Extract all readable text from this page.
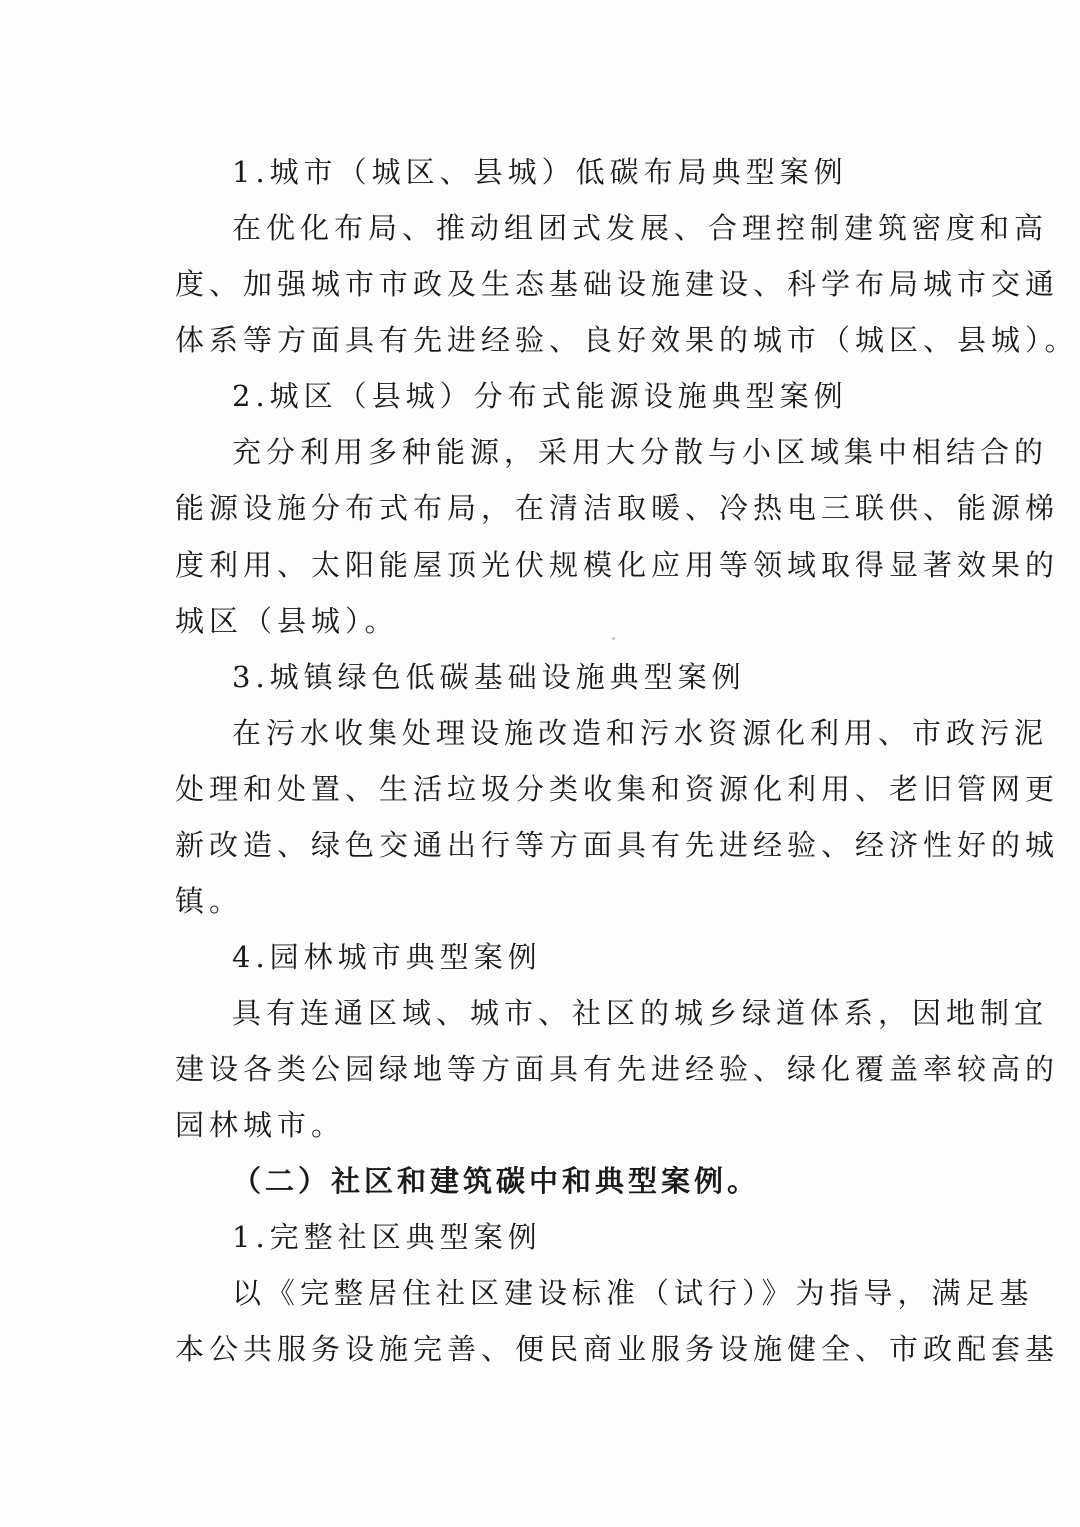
1.城市（城区、县城）低碳布局典型案例
在优化布局、推动组团式发展、合理控制建筑密度和高
度、加强城市市政及生态基础设施建设、科学布局城市交通
体系等方面具有先进经验、良好效果的城市（城区、县城）。
2.城区（县城）分布式能源设施典型案例
充分利用多种能源，采用大分散与小区域集中相结合的
能源设施分布式布局，在清洁取暖、冷热电三联供、能源梯
度利用、太阳能屋顶光伏规模化应用等领域取得显著效果的
城区（县城）。
3.城镇绿色低碳基础设施典型案例
在污水收集处理设施改造和污水资源化利用、市政污泥
处理和处置、生活垃圾分类收集和资源化利用、老旧管网更
新改造、绿色交通出行等方面具有先进经验、经济性好的城
镇。
4.园林城市典型案例
具有连通区域、城市、社区的城乡绿道体系，因地制宜
建设各类公园绿地等方面具有先进经验、绿化覆盖率较高的
园林城市。
（二）社区和建筑碳中和典型案例。
1.完整社区典型案例
以《完整居住社区建设标准（试行）》为指导，满足基
本公共服务设施完善、便民商业服务设施健全、市政配套基
